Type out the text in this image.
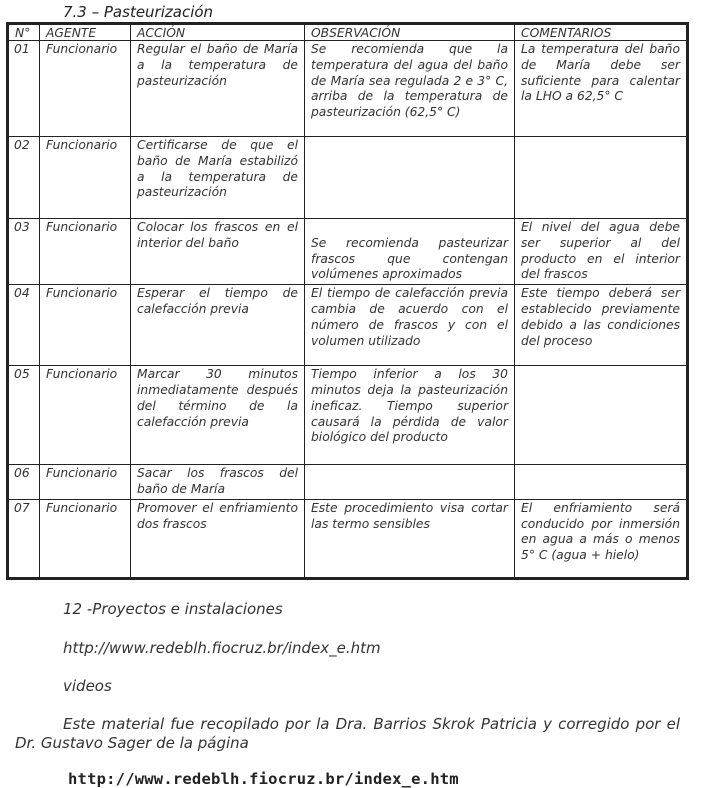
7.3 – Pasteurización
N°	AGENTE	ACCIÓN	OBSERVACIÓN	COMENTARIOS
01	Funcionario	Regular el baño de María a la temperatura de pasteurización	Se recomienda que la temperatura del agua del baño de María sea regulada 2 e 3° C, arriba de la temperatura de pasteurización (62,5° C)	La temperatura del baño de María debe ser suficiente para calentar la LHO a 62,5° C
02	Funcionario	Certificarse de que el baño de María estabilizó a la temperatura de pasteurización		
03	Funcionario	Colocar los frascos en el interior del baño	Se recomienda pasteurizar frascos que contengan volúmenes aproximados	El nivel del agua debe ser superior al del producto en el interior del frascos
04	Funcionario	Esperar el tiempo de calefacción previa	El tiempo de calefacción previa cambia de acuerdo con el número de frascos y con el volumen utilizado	Este tiempo deberá ser establecido previamente debido a las condiciones del proceso
05	Funcionario	Marcar 30 minutos inmediatamente después del término de la calefacción previa	Tiempo inferior a los 30 minutos deja la pasteurización ineficaz. Tiempo superior causará la pérdida de valor biológico del producto	
06	Funcionario	Sacar los frascos del baño de María		
07	Funcionario	Promover el enfriamiento dos frascos	Este procedimiento visa cortar las termo sensibles	El enfriamiento será conducido por inmersión en agua a más o menos 5° C (agua + hielo)
12 -Proyectos e instalaciones
http://www.redeblh.fiocruz.br/index_e.htm
videos
Este material fue recopilado por la Dra. Barrios Skrok Patricia y corregido por el Dr. Gustavo Sager de la página
http://www.redeblh.fiocruz.br/index_e.htm
